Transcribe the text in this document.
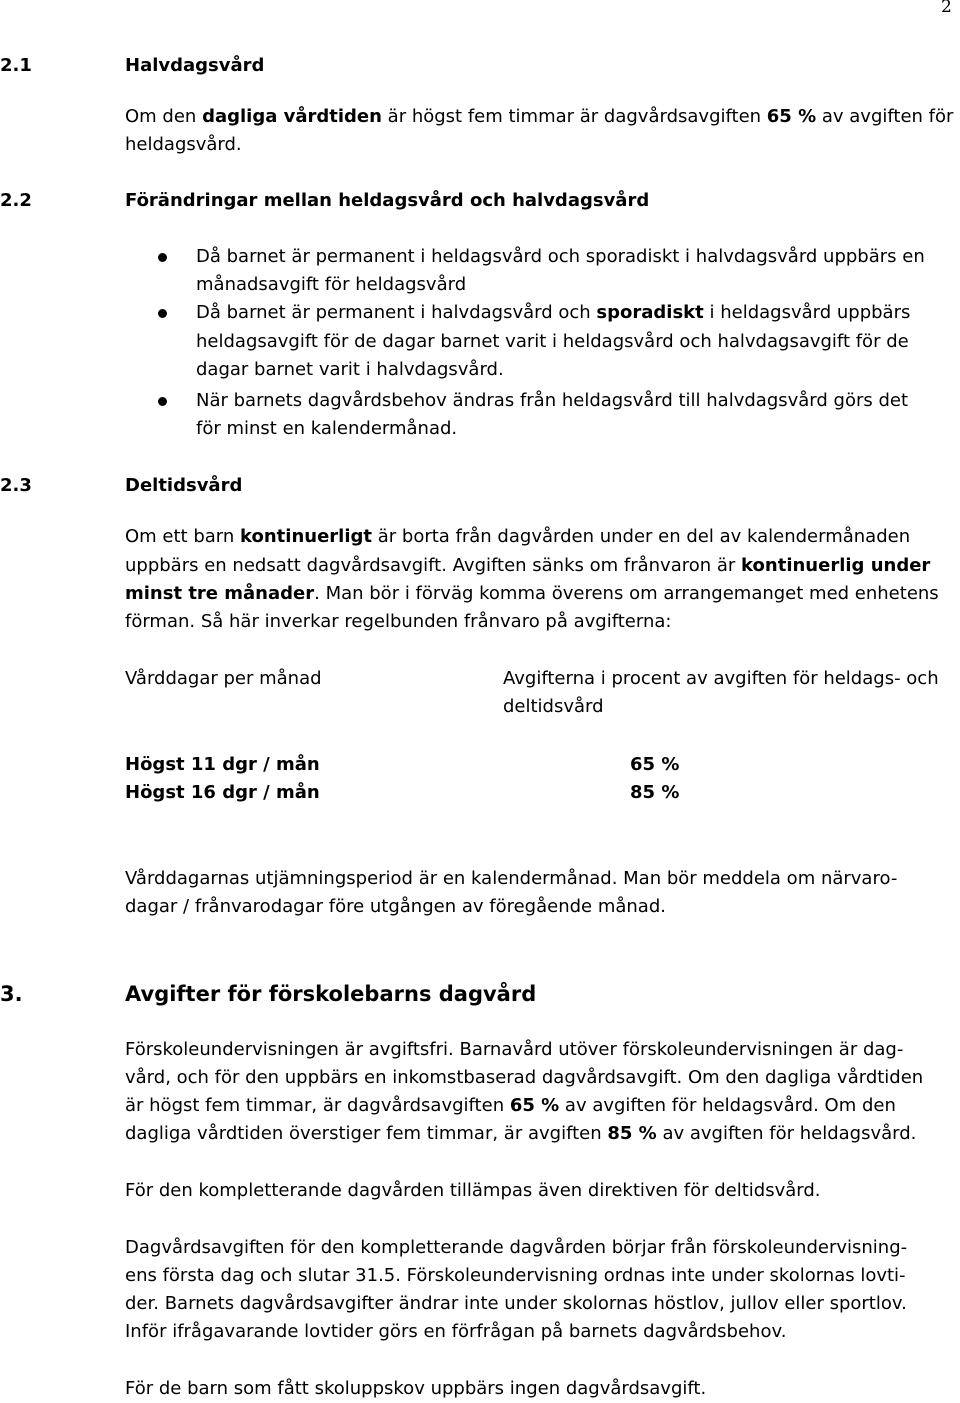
2
2.1	Halvdagsvård
Om den dagliga vårdtiden är högst fem timmar är dagvårdsavgiften 65 % av avgiften för
heldagsvård.
2.2	Förändringar mellan heldagsvård och halvdagsvård
Då barnet är permanent i heldagsvård och sporadiskt i halvdagsvård uppbärs en
månadsavgift för heldagsvård
Då barnet är permanent i halvdagsvård och sporadiskt i heldagsvård uppbärs
heldagsavgift för de dagar barnet varit i heldagsvård och halvdagsavgift för de
dagar barnet varit i halvdagsvård.
När barnets dagvårdsbehov ändras från heldagsvård till halvdagsvård görs det
för minst en kalendermånad.
2.3	Deltidsvård
Om ett barn kontinuerligt är borta från dagvården under en del av kalendermånaden
uppbärs en nedsatt dagvårdsavgift. Avgiften sänks om frånvaron är kontinuerlig under
minst tre månader. Man bör i förväg komma överens om arrangemanget med enhetens
förman. Så här inverkar regelbunden frånvaro på avgifterna:
Vårddagar per månad	Avgifterna i procent av avgiften för heldags- och
deltidsvård
Högst 11 dgr / mån	65 %
Högst 16 dgr / mån	85 %
Vårddagarnas utjämningsperiod är en kalendermånad. Man bör meddela om närvaro-
dagar / frånvarodagar före utgången av föregående månad.
3.	Avgifter för förskolebarns dagvård
Förskoleundervisningen är avgiftsfri. Barnavård utöver förskoleundervisningen är dag-
vård, och för den uppbärs en inkomstbaserad dagvårdsavgift. Om den dagliga vårdtiden
är högst fem timmar, är dagvårdsavgiften 65 % av avgiften för heldagsvård. Om den
dagliga vårdtiden överstiger fem timmar, är avgiften 85 % av avgiften för heldagsvård.
För den kompletterande dagvården tillämpas även direktiven för deltidsvård.
Dagvårdsavgiften för den kompletterande dagvården börjar från förskoleundervisning-
ens första dag och slutar 31.5. Förskoleundervisning ordnas inte under skolornas lovti-
der. Barnets dagvårdsavgifter ändrar inte under skolornas höstlov, jullov eller sportlov.
Inför ifrågavarande lovtider görs en förfrågan på barnets dagvårdsbehov.
För de barn som fått skoluppskov uppbärs ingen dagvårdsavgift.
